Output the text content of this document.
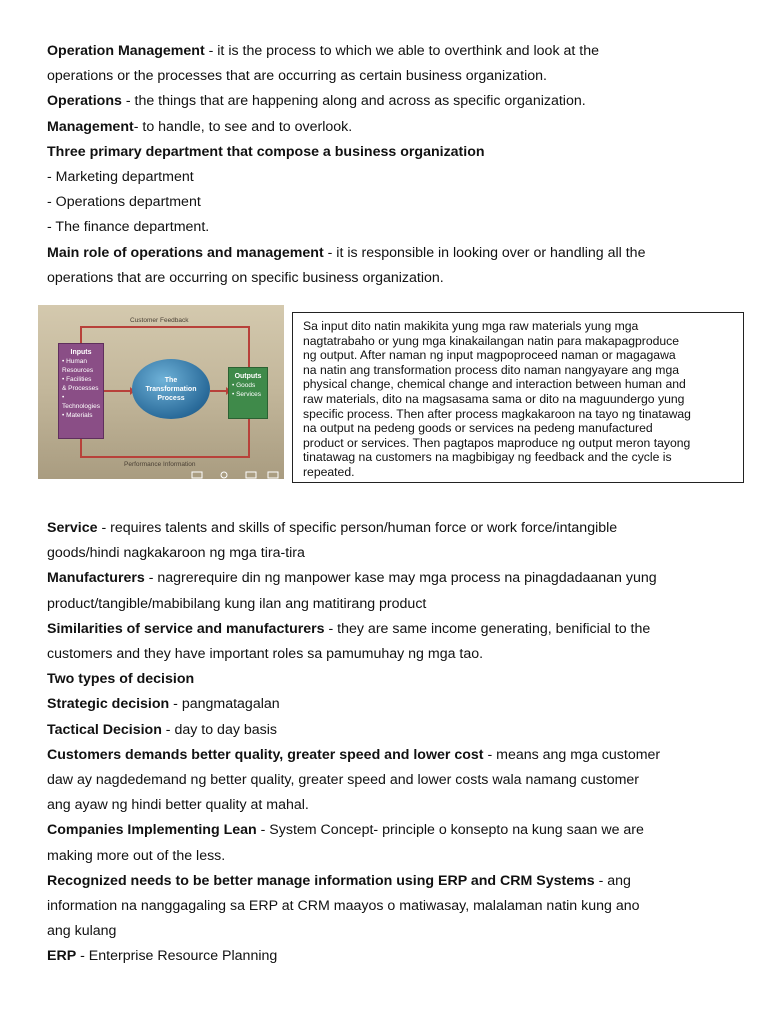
Operation Management - it is the process to which we able to overthink and look at the
operations or the processes that are occurring as certain business organization.
Operations - the things that are happening along and across as specific organization.
Management- to handle, to see and to overlook.
Three primary department that compose a business organization
- Marketing department
- Operations department
- The finance department.
Main role of operations and management - it is responsible in looking over or handling all the
operations that are occurring on specific business organization.
Customer Feedback
Performance Information
Inputs
• Human
Resources
• Facilities
& Processes
• Technologies
• Materials
The Transformation Process
Outputs
• Goods
• Services
Sa input dito natin makikita yung mga raw materials yung mga
nagtatrabaho or yung mga kinakailangan natin para makapagproduce
ng output. After naman ng input magpoproceed naman or magagawa
na natin ang transformation process dito naman nangyayare ang mga
physical change, chemical change and interaction between human and
raw materials, dito na magsasama sama or dito na maguundergo yung
specific process. Then after process magkakaroon na tayo ng tinatawag
na output na pedeng goods or services na pedeng manufactured
product or services. Then pagtapos maproduce ng output meron tayong
tinatawag na customers na magbibigay ng feedback and the cycle is
repeated.
Service - requires talents and skills of specific person/human force or work force/intangible
goods/hindi nagkakaroon ng mga tira-tira
Manufacturers - nagrerequire din ng manpower kase may mga process na pinagdadaanan yung
product/tangible/mabibilang kung ilan ang matitirang product
Similarities of service and manufacturers - they are same income generating, benificial to the
customers and they have important roles sa pamumuhay ng mga tao.
Two types of decision
Strategic decision - pangmatagalan
Tactical Decision - day to day basis
Customers demands better quality, greater speed and lower cost - means ang mga customer
daw ay nagdedemand ng better quality, greater speed and lower costs wala namang customer
ang ayaw ng hindi better quality at mahal.
Companies Implementing Lean - System Concept- principle o konsepto na kung saan we are
making more out of the less.
Recognized needs to be better manage information using ERP and CRM Systems - ang
information na nanggagaling sa ERP at CRM maayos o matiwasay, malalaman natin kung ano
ang kulang
ERP - Enterprise Resource Planning
